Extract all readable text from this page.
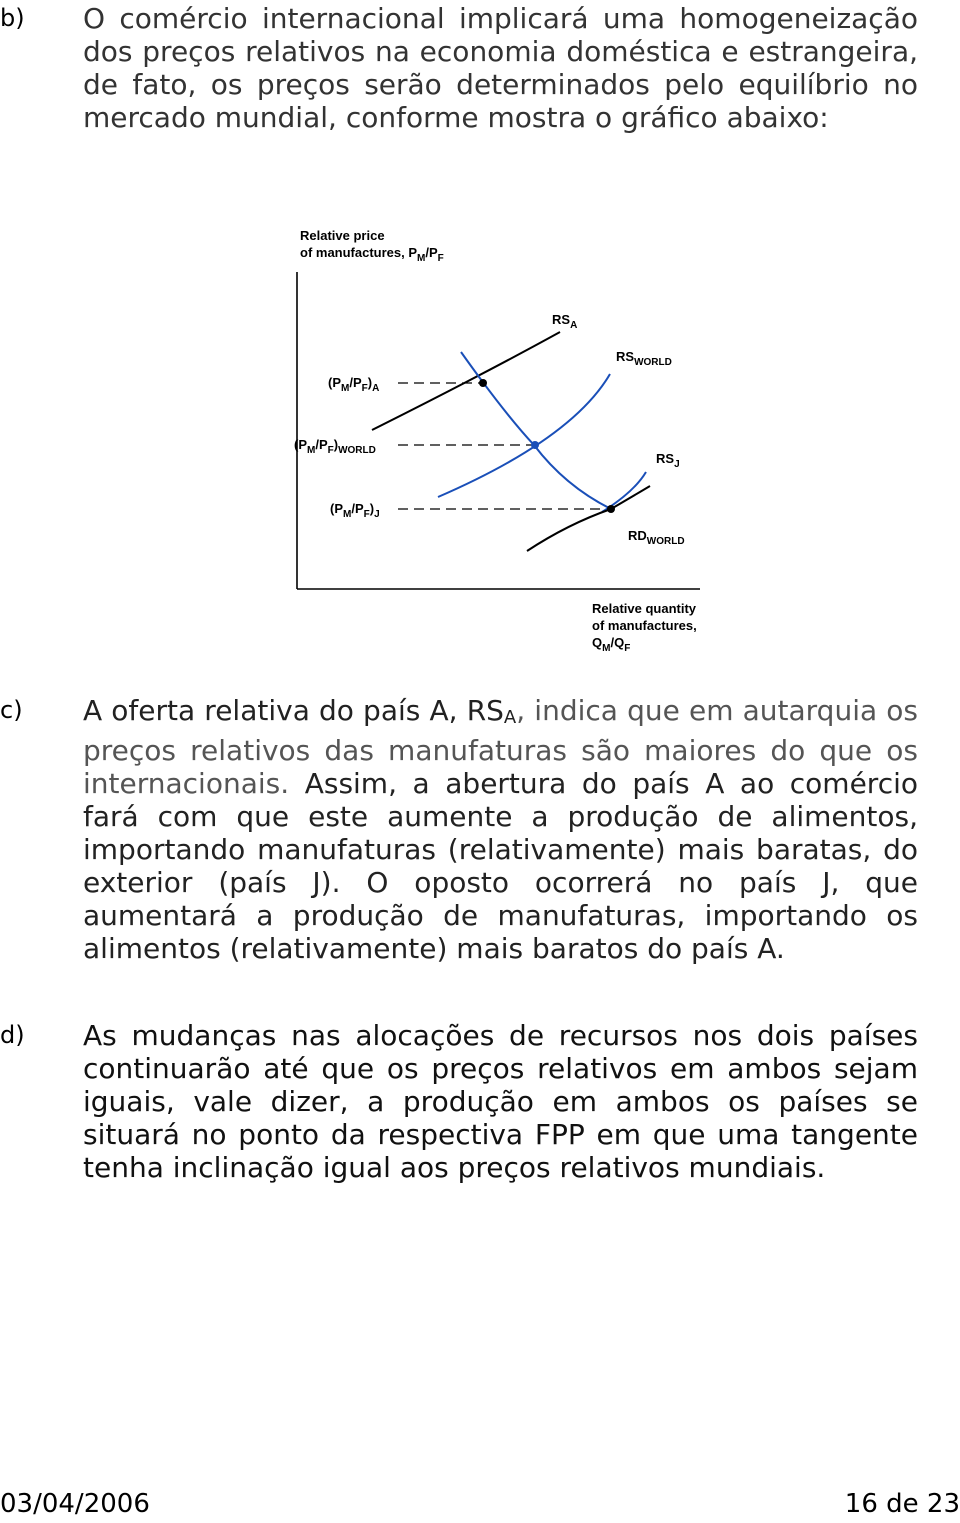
b)	O comércio internacional implicará uma homogeneização dos preços relativos na economia doméstica e estrangeira, de fato, os preços serão determinados pelo equilíbrio no mercado mundial, conforme mostra o gráfico abaixo:
Relative price
of manufactures, $P_M/P_F$
$RS_A$
$RS_{WORLD}$
$RS_J$
$RD_{WORLD}$
$(P_M/P_F)_A$
$(P_M/P_F)_{WORLD}$
$(P_M/P_F)_J$
Relative quantity
of manufactures,
$Q_M/Q_F$
c)	A oferta relativa do país A, RSA, indica que em autarquia os preços relativos das manufaturas são maiores do que os internacionais. Assim, a abertura do país A ao comércio fará com que este aumente a produção de alimentos, importando manufaturas (relativamente) mais baratas, do exterior (país J). O oposto ocorrerá no país J, que aumentará a produção de manufaturas, importando os alimentos (relativamente) mais baratos do país A.
d)	As mudanças nas alocações de recursos nos dois países continuarão até que os preços relativos em ambos sejam iguais, vale dizer, a produção em ambos os países se situará no ponto da respectiva FPP em que uma tangente tenha inclinação igual aos preços relativos mundiais.
03/04/2006	16 de 23
